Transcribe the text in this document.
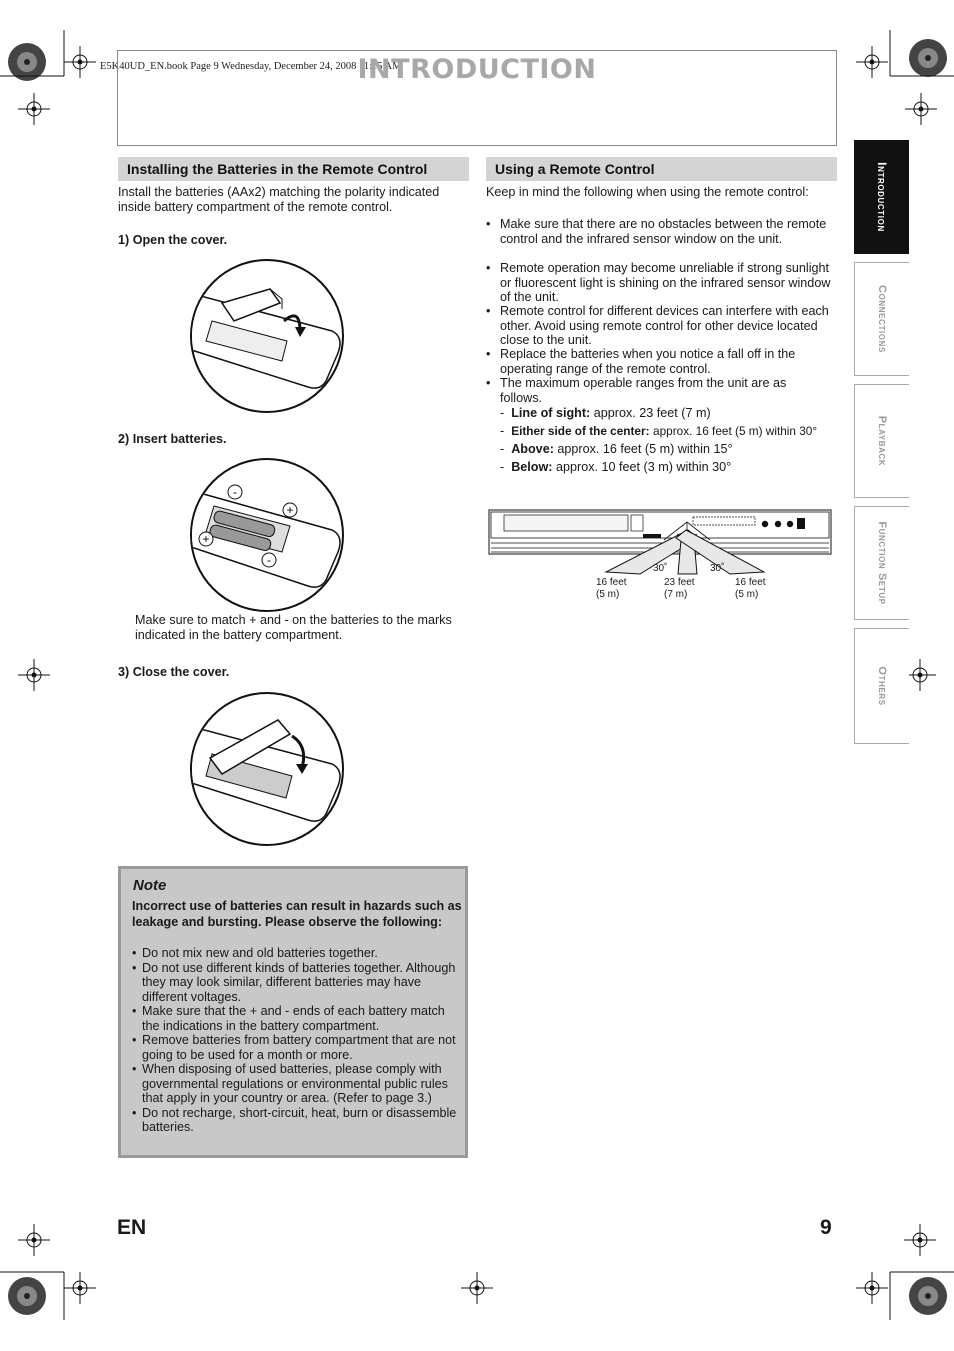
E5K40UD_EN.book Page 9 Wednesday, December 24, 2008 11:15 AM
INTRODUCTION
Installing the Batteries in the Remote Control
Install the batteries (AAx2) matching the polarity indicated inside battery compartment of the remote control.
1) Open the cover.
2) Insert batteries.
-
+
+
-
Make sure to match + and - on the batteries to the marks indicated in the battery compartment.
3) Close the cover.
Note
Incorrect use of batteries can result in hazards such as leakage and bursting. Please observe the following:
• Do not mix new and old batteries together.
• Do not use different kinds of batteries together. Although they may look similar, different batteries may have different voltages.
• Make sure that the + and - ends of each battery match the indications in the battery compartment.
• Remove batteries from battery compartment that are not going to be used for a month or more.
• When disposing of used batteries, please comply with governmental regulations or environmental public rules that apply in your country or area. (Refer to page 3.)
• Do not recharge, short-circuit, heat, burn or disassemble batteries.
Using a Remote Control
Keep in mind the following when using the remote control:
• Make sure that there are no obstacles between the remote control and the infrared sensor window on the unit.
• Remote operation may become unreliable if strong sunlight or fluorescent light is shining on the infrared sensor window of the unit.
• Remote control for different devices can interfere with each other. Avoid using remote control for other device located close to the unit.
• Replace the batteries when you notice a fall off in the operating range of the remote control.
• The maximum operable ranges from the unit are as follows.
-  Line of sight: approx. 23 feet (7 m)
-  Either side of the center: approx. 16 feet (5 m) within 30°
-  Above: approx. 16 feet (5 m) within 15°
-  Below: approx. 10 feet (3 m) within 30°
30˚	30˚
16 feet
(5 m)
23 feet
(7 m)
16 feet
(5 m)
Introduction
Connections
Playback
Function Setup
Others
EN	9
